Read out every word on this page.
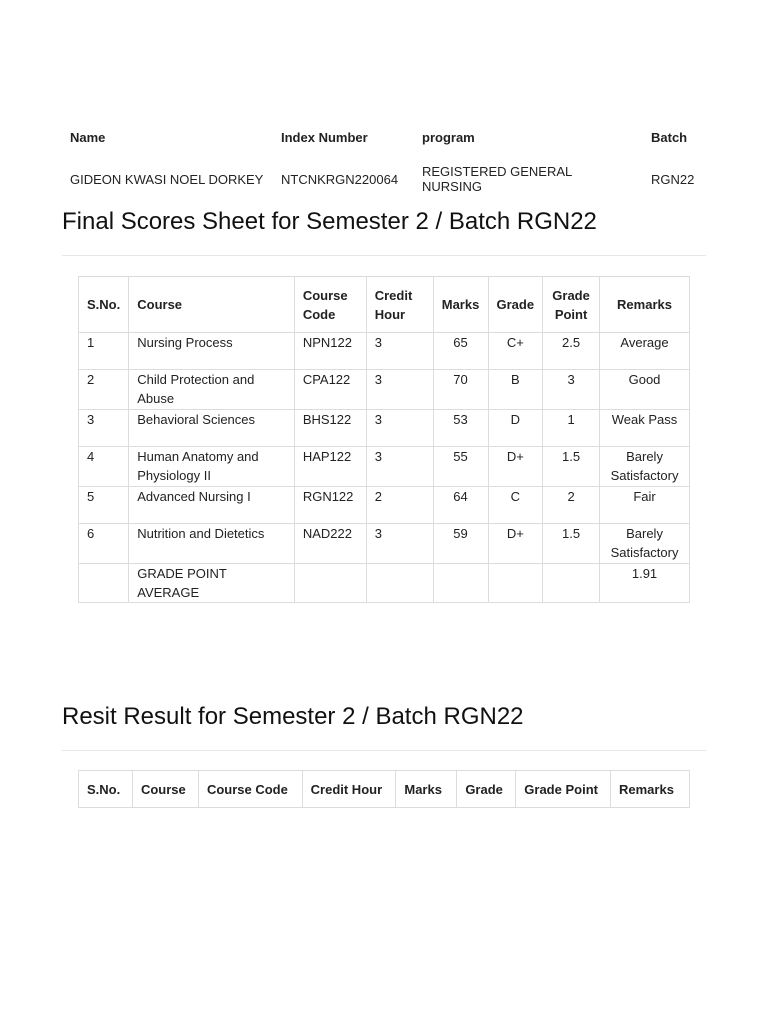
Name	Index Number	program	Batch
GIDEON KWASI NOEL DORKEY	NTCNKRGN220064	REGISTERED GENERAL NURSING	RGN22
Final Scores Sheet for Semester 2 / Batch RGN22
S.No.	Course	Course Code	Credit Hour	Marks	Grade	Grade Point	Remarks
1	Nursing Process	NPN122	3	65	C+	2.5	Average
2	Child Protection and Abuse	CPA122	3	70	B	3	Good
3	Behavioral Sciences	BHS122	3	53	D	1	Weak Pass
4	Human Anatomy and Physiology II	HAP122	3	55	D+	1.5	Barely Satisfactory
5	Advanced Nursing I	RGN122	2	64	C	2	Fair
6	Nutrition and Dietetics	NAD222	3	59	D+	1.5	Barely Satisfactory
	GRADE POINT AVERAGE						1.91
Resit Result for Semester 2 / Batch RGN22
S.No.	Course	Course Code	Credit Hour	Marks	Grade	Grade Point	Remarks
